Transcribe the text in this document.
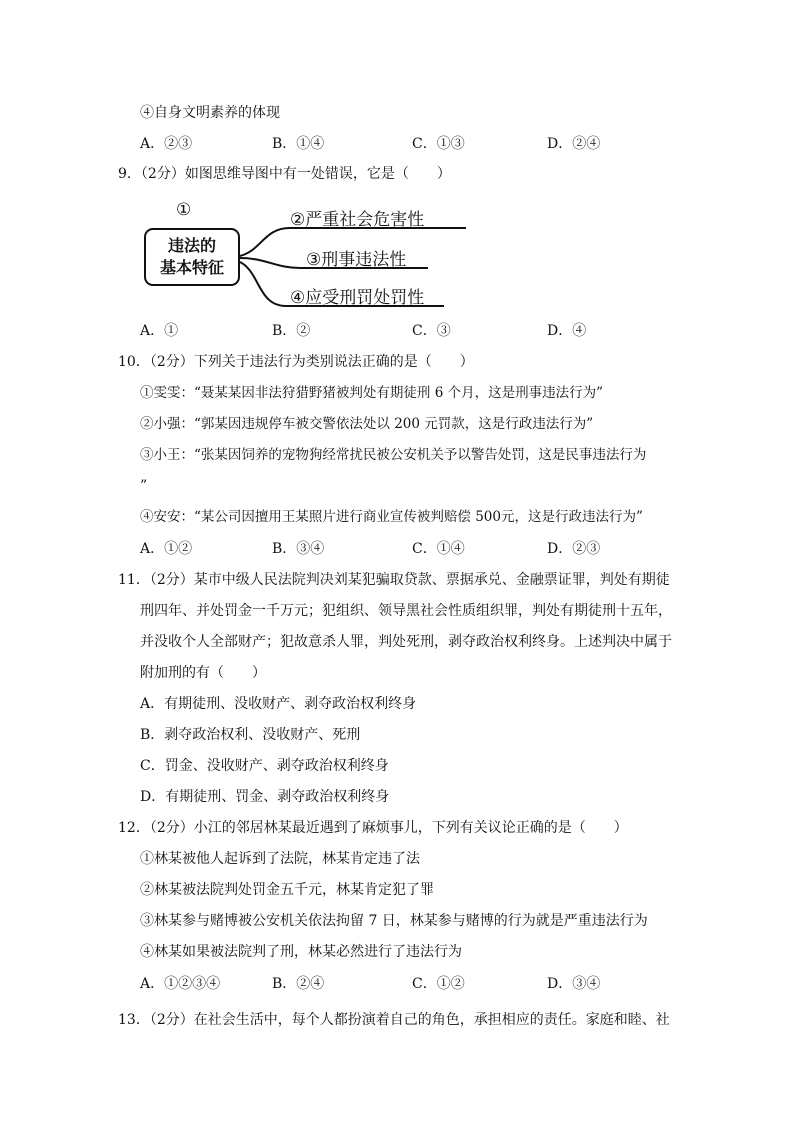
④自身文明素养的体现
A．②③	B．①④	C．①③	D．②④
9．（2分）如图思维导图中有一处错误，它是（　　）
①
违法的
基本特征
②严重社会危害性
③刑事违法性
④应受刑罚处罚性
A．①	B．②	C．③	D．④
10．（2分）下列关于违法行为类别说法正确的是（　　）
①雯雯：“聂某某因非法狩猎野猪被判处有期徒刑 6 个月，这是刑事违法行为”
②小强：“郭某因违规停车被交警依法处以 200 元罚款，这是行政违法行为”
③小王：“张某因饲养的宠物狗经常扰民被公安机关予以警告处罚，这是民事违法行为
”
④安安：“某公司因擅用王某照片进行商业宣传被判赔偿 500元，这是行政违法行为”
A．①②	B．③④	C．①④	D．②③
11．（2分）某市中级人民法院判决刘某犯骗取贷款、票据承兑、金融票证罪，判处有期徒
刑四年、并处罚金一千万元；犯组织、领导黑社会性质组织罪，判处有期徒刑十五年，
并没收个人全部财产；犯故意杀人罪，判处死刑，剥夺政治权利终身。上述判决中属于
附加刑的有（　　）
A．有期徒刑、没收财产、剥夺政治权利终身
B．剥夺政治权利、没收财产、死刑
C．罚金、没收财产、剥夺政治权利终身
D．有期徒刑、罚金、剥夺政治权利终身
12．（2分）小江的邻居林某最近遇到了麻烦事儿，下列有关议论正确的是（　　）
①林某被他人起诉到了法院，林某肯定违了法
②林某被法院判处罚金五千元，林某肯定犯了罪
③林某参与赌博被公安机关依法拘留 7 日，林某参与赌博的行为就是严重违法行为
④林某如果被法院判了刑，林某必然进行了违法行为
A．①②③④	B．②④	C．①②	D．③④
13．（2分）在社会生活中，每个人都扮演着自己的角色，承担相应的责任。家庭和睦、社
